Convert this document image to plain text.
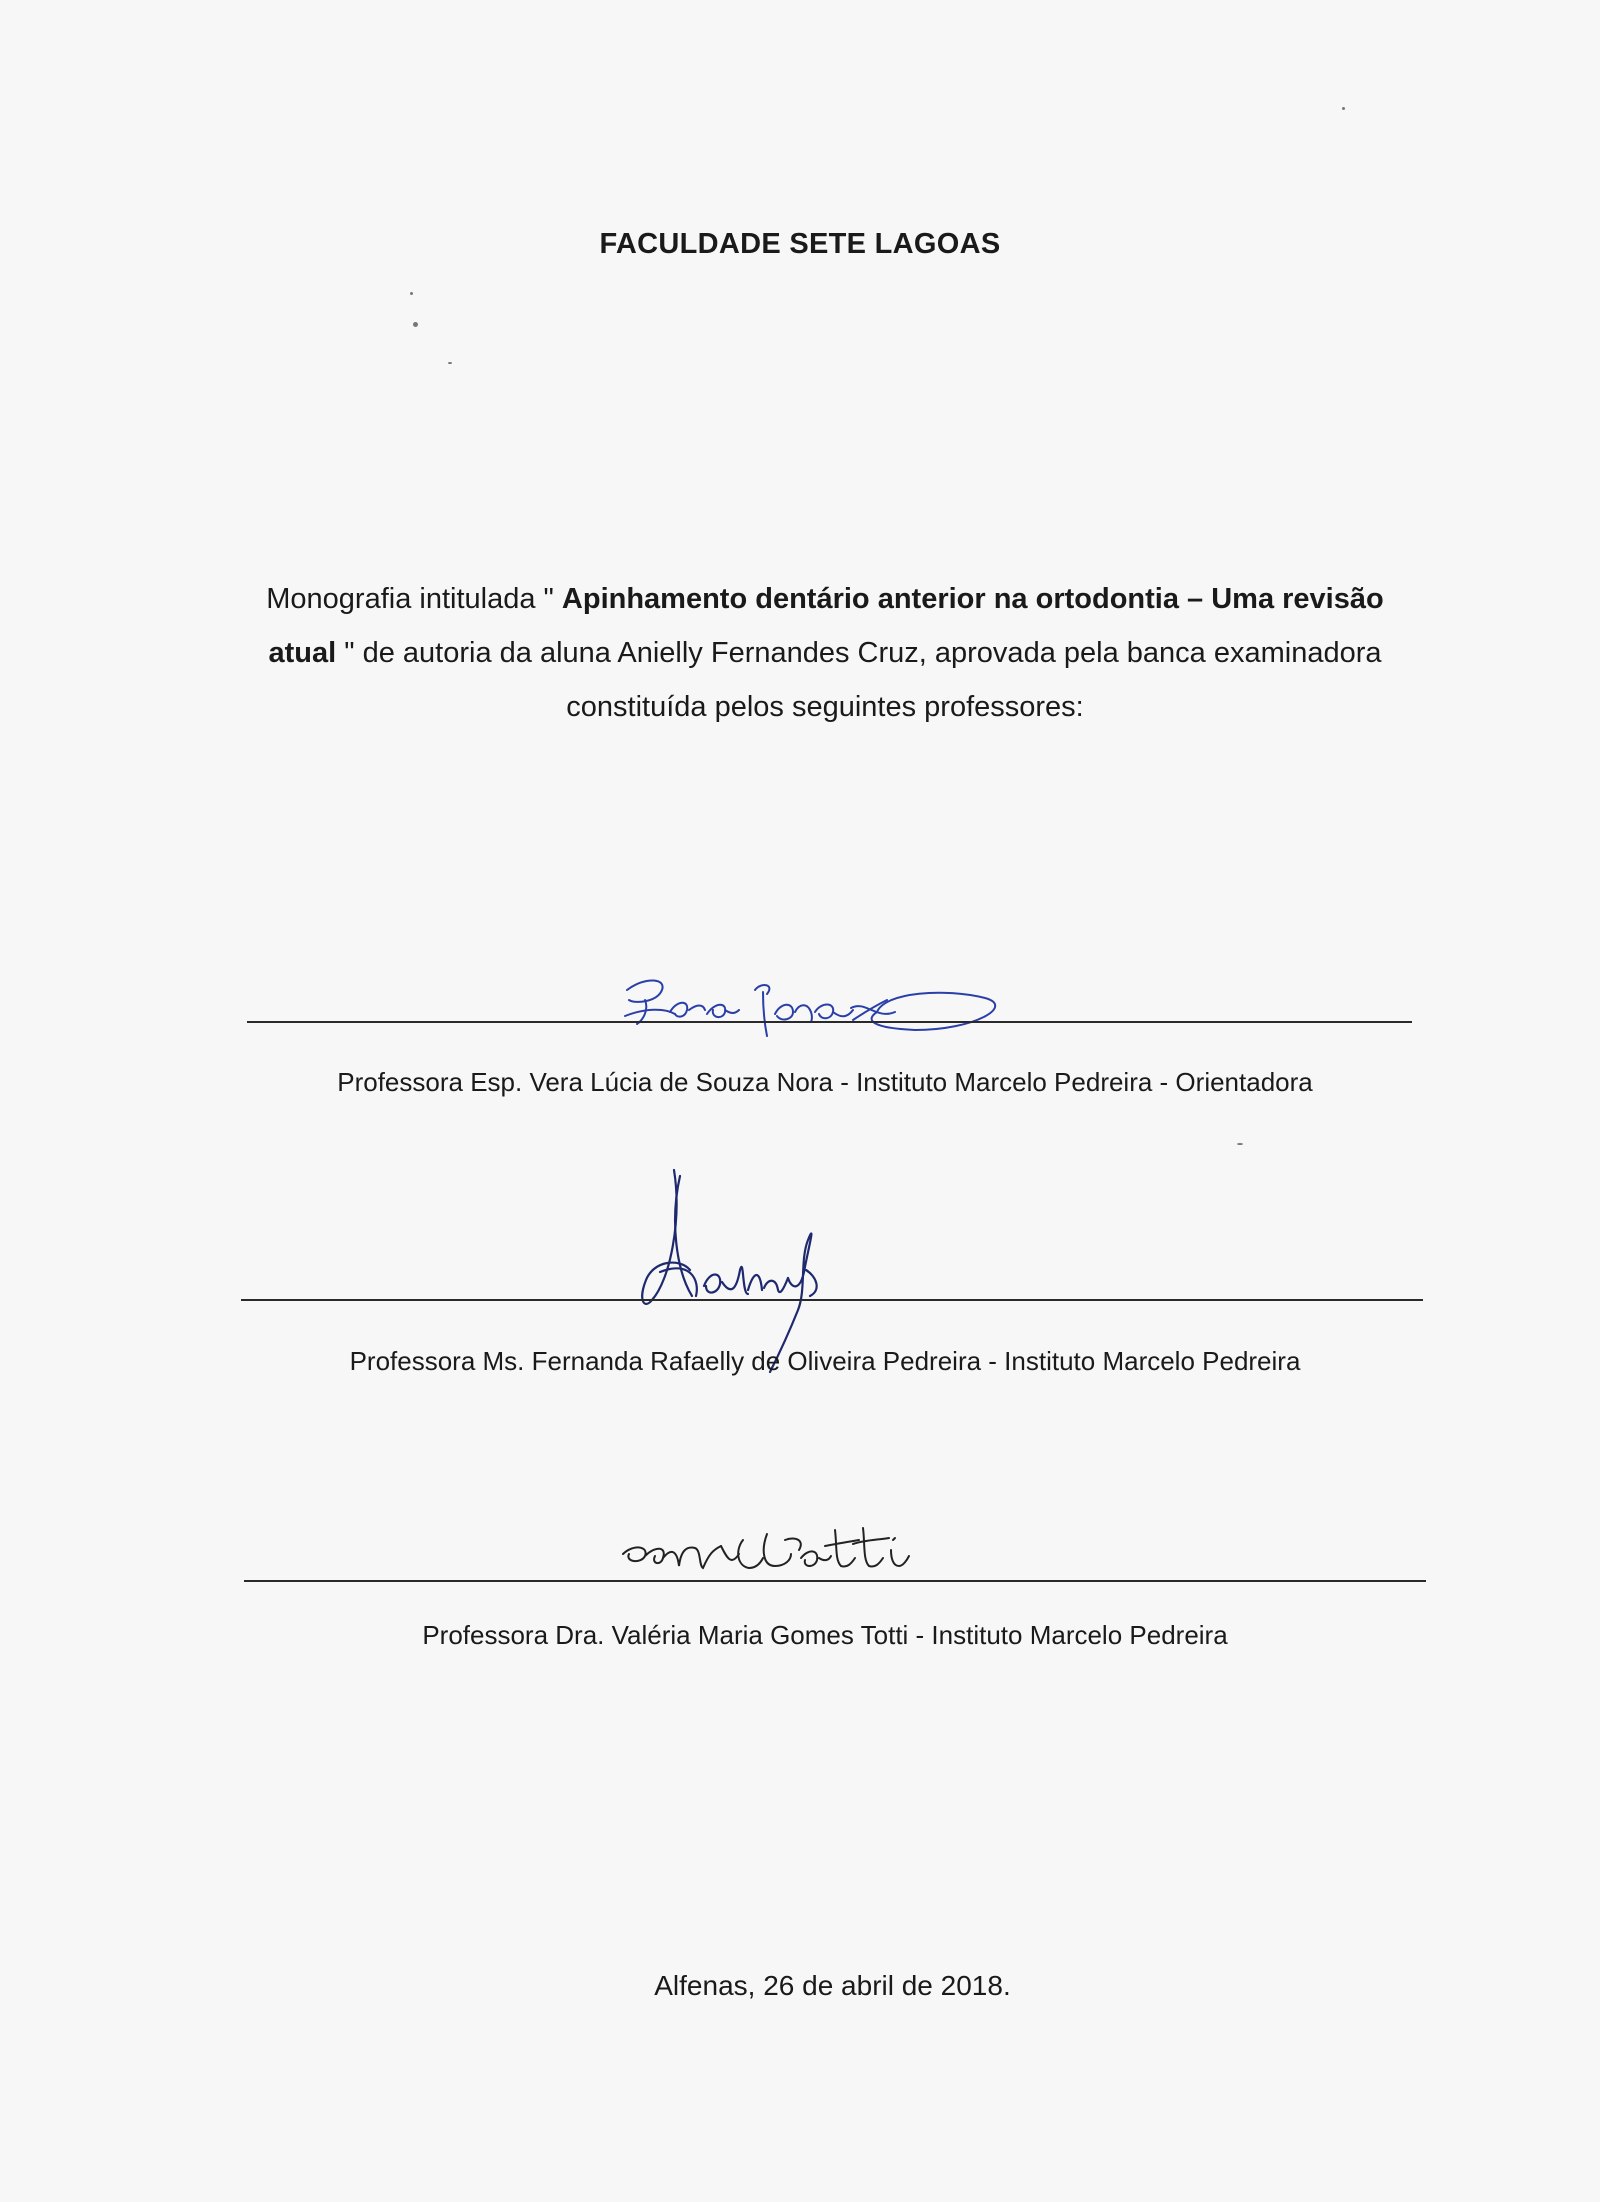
FACULDADE SETE LAGOAS
Monografia intitulada " Apinhamento dentário anterior na ortodontia – Uma revisão atual " de autoria da aluna Anielly Fernandes Cruz, aprovada pela banca examinadora constituída pelos seguintes professores:
Professora Esp. Vera Lúcia de Souza Nora - Instituto Marcelo Pedreira - Orientadora
Professora Ms. Fernanda Rafaelly de Oliveira Pedreira - Instituto Marcelo Pedreira
Professora Dra. Valéria Maria Gomes Totti - Instituto Marcelo Pedreira
Alfenas, 26 de abril de 2018.
